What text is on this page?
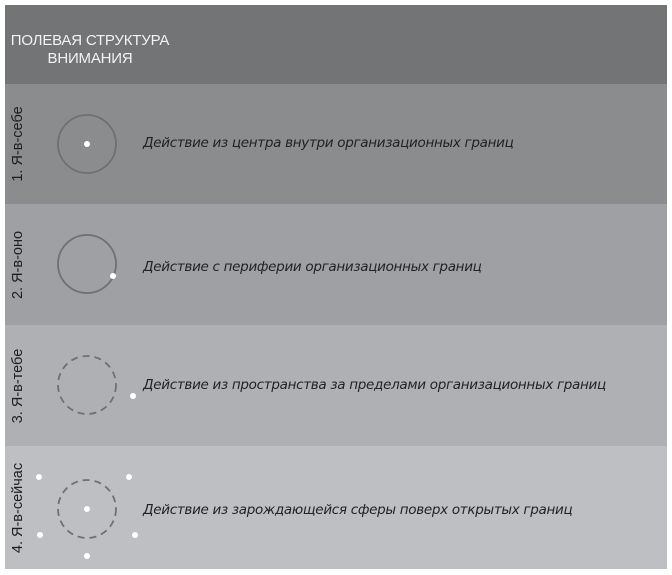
ПОЛЕВАЯ СТРУКТУРА
ВНИМАНИЯ
1. Я-в-себе	Действие из центра внутри организационных границ
2. Я-в-оно	Действие с периферии организационных границ
3. Я-в-тебе	Действие из пространства за пределами организационных границ
4. Я-в-сейчас	Действие из зарождающейся сферы поверх открытых границ
